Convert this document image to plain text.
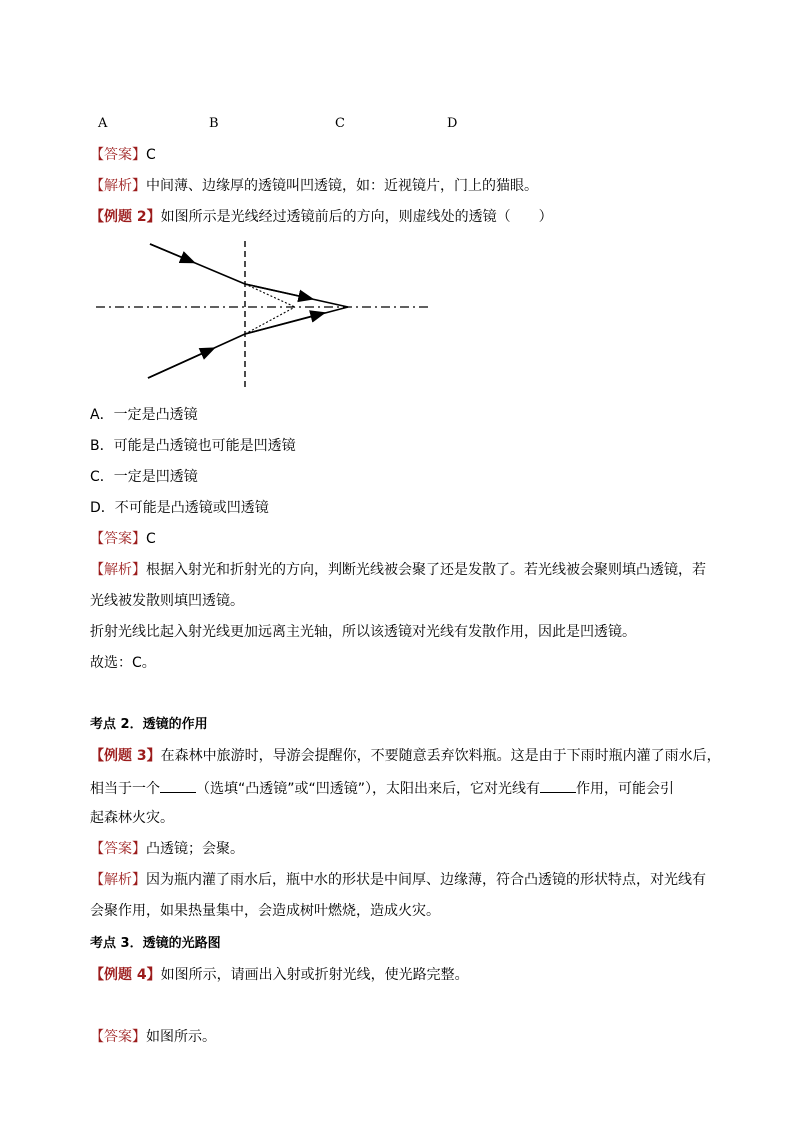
A	B	C	D
【答案】C
【解析】中间薄、边缘厚的透镜叫凹透镜，如：近视镜片，门上的猫眼。
【例题 2】如图所示是光线经过透镜前后的方向，则虚线处的透镜（　　）
A．一定是凸透镜
B．可能是凸透镜也可能是凹透镜
C．一定是凹透镜
D．不可能是凸透镜或凹透镜
【答案】C
【解析】根据入射光和折射光的方向，判断光线被会聚了还是发散了。若光线被会聚则填凸透镜，若
光线被发散则填凹透镜。
折射光线比起入射光线更加远离主光轴，所以该透镜对光线有发散作用，因此是凹透镜。
故选：C。
考点 2．透镜的作用
【例题 3】在森林中旅游时，导游会提醒你，不要随意丢弃饮料瓶。这是由于下雨时瓶内灌了雨水后，
相当于一个	（选填“凸透镜”或“凹透镜”），太阳出来后，它对光线有	作用，可能会引
起森林火灾。
【答案】凸透镜；会聚。
【解析】因为瓶内灌了雨水后，瓶中水的形状是中间厚、边缘薄，符合凸透镜的形状特点，对光线有
会聚作用，如果热量集中，会造成树叶燃烧，造成火灾。
考点 3．透镜的光路图
【例题 4】如图所示，请画出入射或折射光线，使光路完整。
【答案】如图所示。
